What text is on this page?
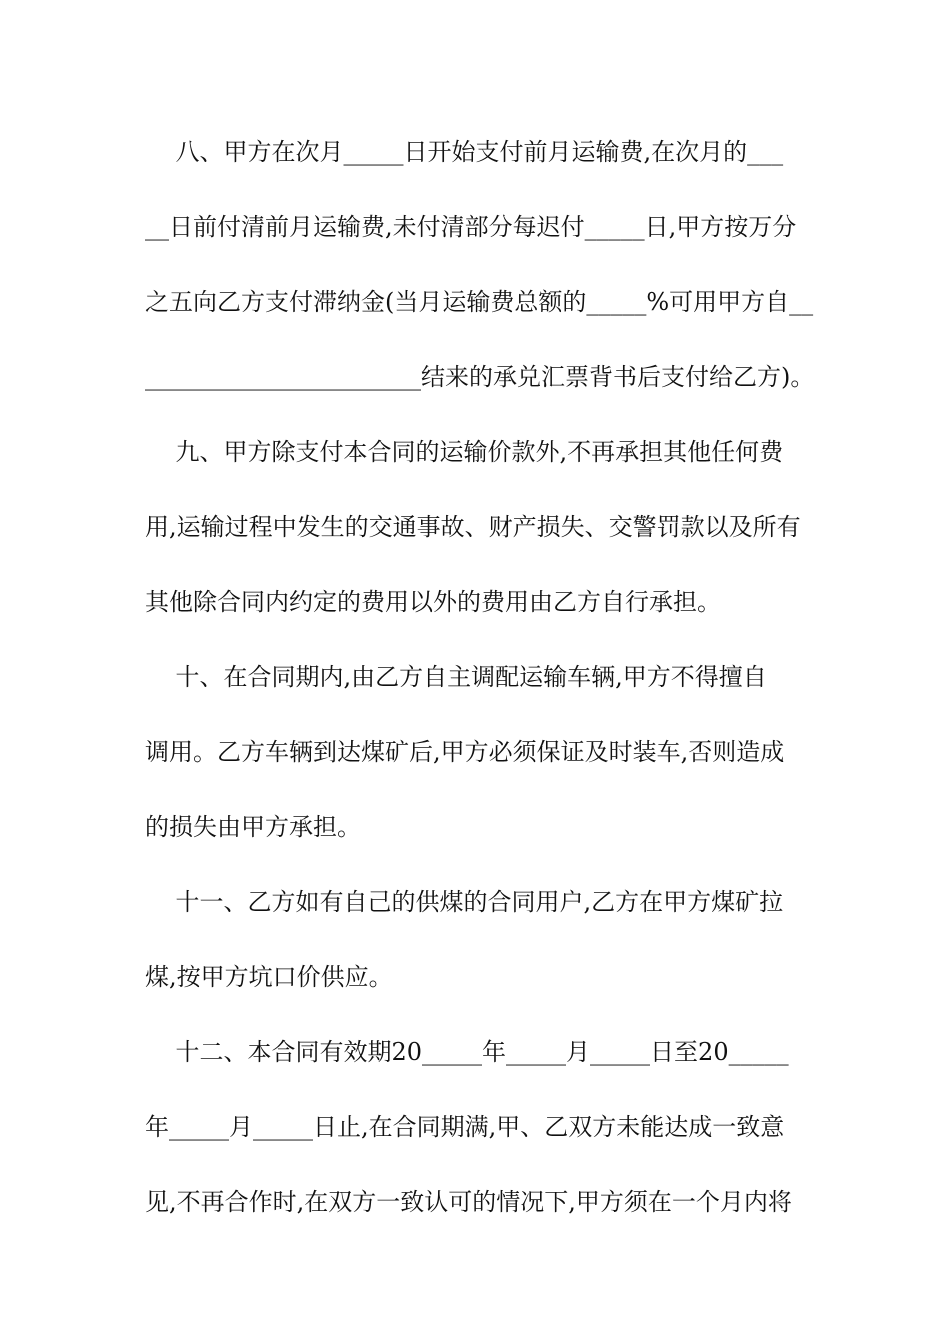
八、甲方在次月_____日开始支付前月运输费,在次月的___
__日前付清前月运输费,未付清部分每迟付_____日,甲方按万分
之五向乙方支付滞纳金(当月运输费总额的_____%可用甲方自__
_______________________结来的承兑汇票背书后支付给乙方)。
九、甲方除支付本合同的运输价款外,不再承担其他任何费
用,运输过程中发生的交通事故、财产损失、交警罚款以及所有
其他除合同内约定的费用以外的费用由乙方自行承担。
十、在合同期内,由乙方自主调配运输车辆,甲方不得擅自
调用。乙方车辆到达煤矿后,甲方必须保证及时装车,否则造成
的损失由甲方承担。
十一、乙方如有自己的供煤的合同用户,乙方在甲方煤矿拉
煤,按甲方坑口价供应。
十二、本合同有效期20_____年_____月_____日至20_____
年_____月_____日止,在合同期满,甲、乙双方未能达成一致意
见,不再合作时,在双方一致认可的情况下,甲方须在一个月内将
